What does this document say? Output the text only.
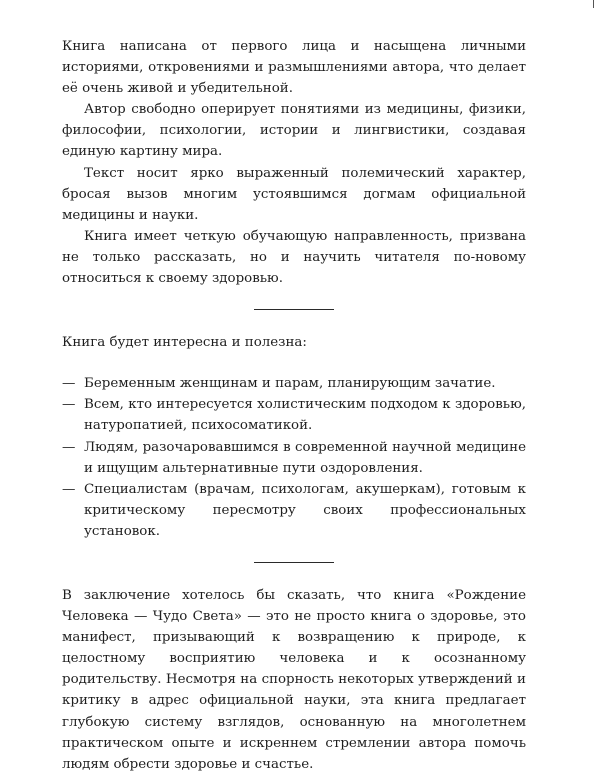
Книга написана от первого лица и насыщена личными историями, откровениями и размышлениями автора, что делает её очень живой и убедительной.

Автор свободно оперирует понятиями из медицины, физики, философии, психологии, истории и лингвистики, создавая единую картину мира.

Текст носит ярко выраженный полемический характер, бросая вызов многим устоявшимся догмам официальной медицины и науки.

Книга имеет четкую обучающую направленность, призвана не только рассказать, но и научить читателя по-новому относиться к своему здоровью.

Книга будет интересна и полезна:

— Беременным женщинам и парам, планирующим зачатие.
— Всем, кто интересуется холистическим подходом к здоровью, натуропатией, психосоматикой.
— Людям, разочаровавшимся в современной научной медицине и ищущим альтернативные пути оздоровления.
— Специалистам (врачам, психологам, акушеркам), готовым к критическому пересмотру своих профессиональных установок.

В заключение хотелось бы сказать, что книга «Рождение Человека — Чудо Света» — это не просто книга о здоровье, это манифест, призывающий к возвращению к природе, к целостному восприятию человека и к осознанному родительству. Несмотря на спорность некоторых утверждений и критику в адрес официальной науки, эта книга предлагает глубокую систему взглядов, основанную на многолетнем практическом опыте и искреннем стремлении автора помочь людям обрести здоровье и счастье.
